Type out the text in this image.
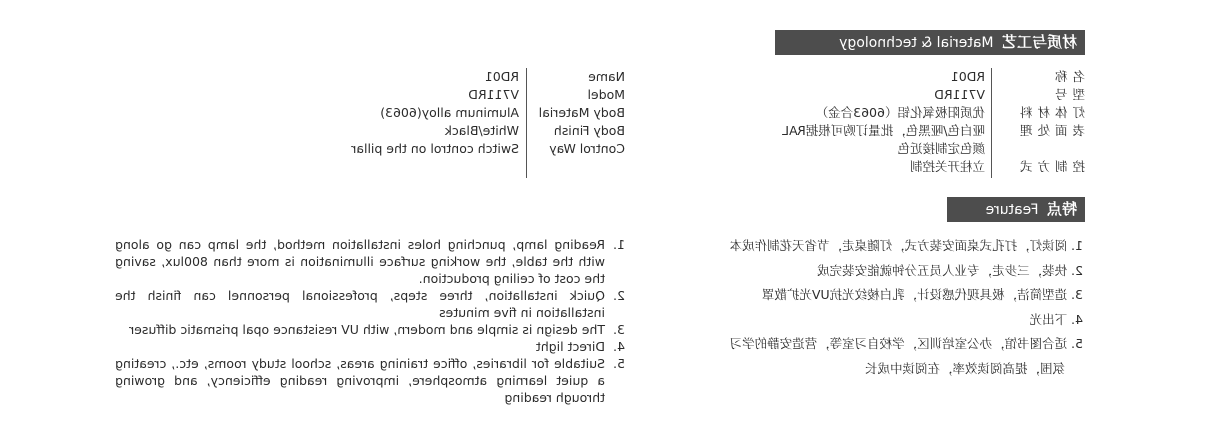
材质与工艺 Material & technology
名称
型号
灯体材料
表面处理
控制方式
RD01
V711RD
优质阳极氧化铝（6063合金）
哑白色/哑黑色，批量订购可根据RAL颜色定制接近色
立柱开关控制
Name
Model
Body Material
Body Finish
Control Way
RD01
V711RD
Aluminum alloy(6063)
White/Black
Switch control on the pillar
特点 Feature
1. 阅读灯，打孔式桌面安装方式，灯随桌走，节省天花制作成本
2. 快装，三步走，专业人员五分钟就能安装完成
3. 造型简洁，极具现代感设计，乳白棱纹光抗UV光扩散罩
4. 下出光
5. 适合图书馆，办公室培训区，学校自习室等，营造安静的学习
氛围，提高阅读效率，在阅读中成长
1.
Reading lamp, punching holes installation method, the lamp can go along with the table, the working surface illumination is more than 800lux, saving the cost of ceiling production.
2.
Quick installation, three steps, professional personnel can finish the installation in five minutes
3.
The design is simple and modern, with UV resistance opal prismatic diffuser
4.
Direct light
5.
Suitable for libraries, office training areas, school study rooms, etc., creating a quiet learning atmosphere, improving reading efficiency, and growing through reading
